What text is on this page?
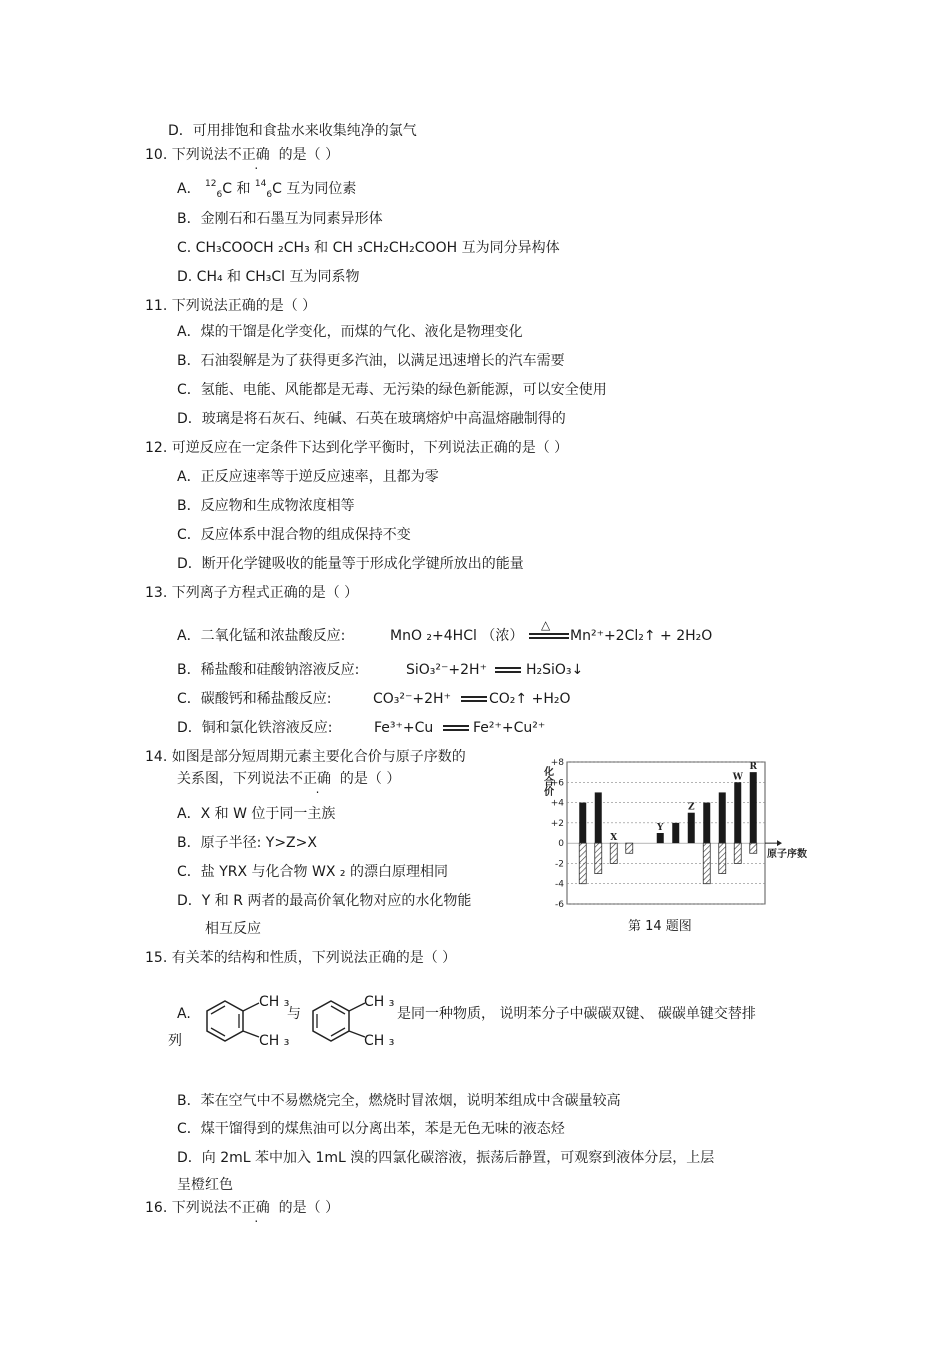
D．可用排饱和食盐水来收集纯净的氯气
10. 下列说法不正确 的是（ ）
A． $^{12}_6$C 和 $^{14}_6$C 互为同位素
B．金刚石和石墨互为同素异形体
C. CH₃COOCH ₂CH₃ 和 CH ₃CH₂CH₂COOH 互为同分异构体
D. CH₄ 和 CH₃Cl 互为同系物
11. 下列说法正确的是（ ）
A．煤的干馏是化学变化，而煤的气化、液化是物理变化
B．石油裂解是为了获得更多汽油，以满足迅速增长的汽车需要
C．氢能、电能、风能都是无毒、无污染的绿色新能源，可以安全使用
D．玻璃是将石灰石、纯碱、石英在玻璃熔炉中高温熔融制得的
12. 可逆反应在一定条件下达到化学平衡时，下列说法正确的是（ ）
A．正反应速率等于逆反应速率，且都为零
B．反应物和生成物浓度相等
C．反应体系中混合物的组成保持不变
D．断开化学键吸收的能量等于形成化学键所放出的能量
13. 下列离子方程式正确的是（ ）
A．二氧化锰和浓盐酸反应:	MnO ₂+4HCl （浓）
△
Mn²⁺+2Cl₂↑ + 2H₂O
B．稀盐酸和硅酸钠溶液反应:	SiO₃²⁻+2H⁺	H₂SiO₃↓
C．碳酸钙和稀盐酸反应:	CO₃²⁻+2H⁺	CO₂↑ +H₂O
D．铜和氯化铁溶液反应:	Fe³⁺+Cu	Fe²⁺+Cu²⁺
14. 如图是部分短周期元素主要化合价与原子序数的
关系图，下列说法不正确 的是（ ）
A．X 和 W 位于同一主族
B．原子半径: Y>Z>X
C．盐 YRX 与化合物 WX ₂ 的漂白原理相同
D．Y 和 R 两者的最高价氧化物对应的水化物能
相互反应
+8
+6
+4
+2
0
-2
-4
-6
化合价
原子序数
X
Y
Z
W
R
第 14 题图
15. 有关苯的结构和性质，下列说法正确的是（ ）
A.
CH ₃
CH ₃
与
CH ₃
CH ₃
是同一种物质， 说明苯分子中碳碳双键、 碳碳单键交替排
列
B．苯在空气中不易燃烧完全，燃烧时冒浓烟，说明苯组成中含碳量较高
C．煤干馏得到的煤焦油可以分离出苯，苯是无色无味的液态烃
D．向 2mL 苯中加入 1mL 溴的四氯化碳溶液，振荡后静置，可观察到液体分层，上层
呈橙红色
16. 下列说法不正确 的是（ ）
